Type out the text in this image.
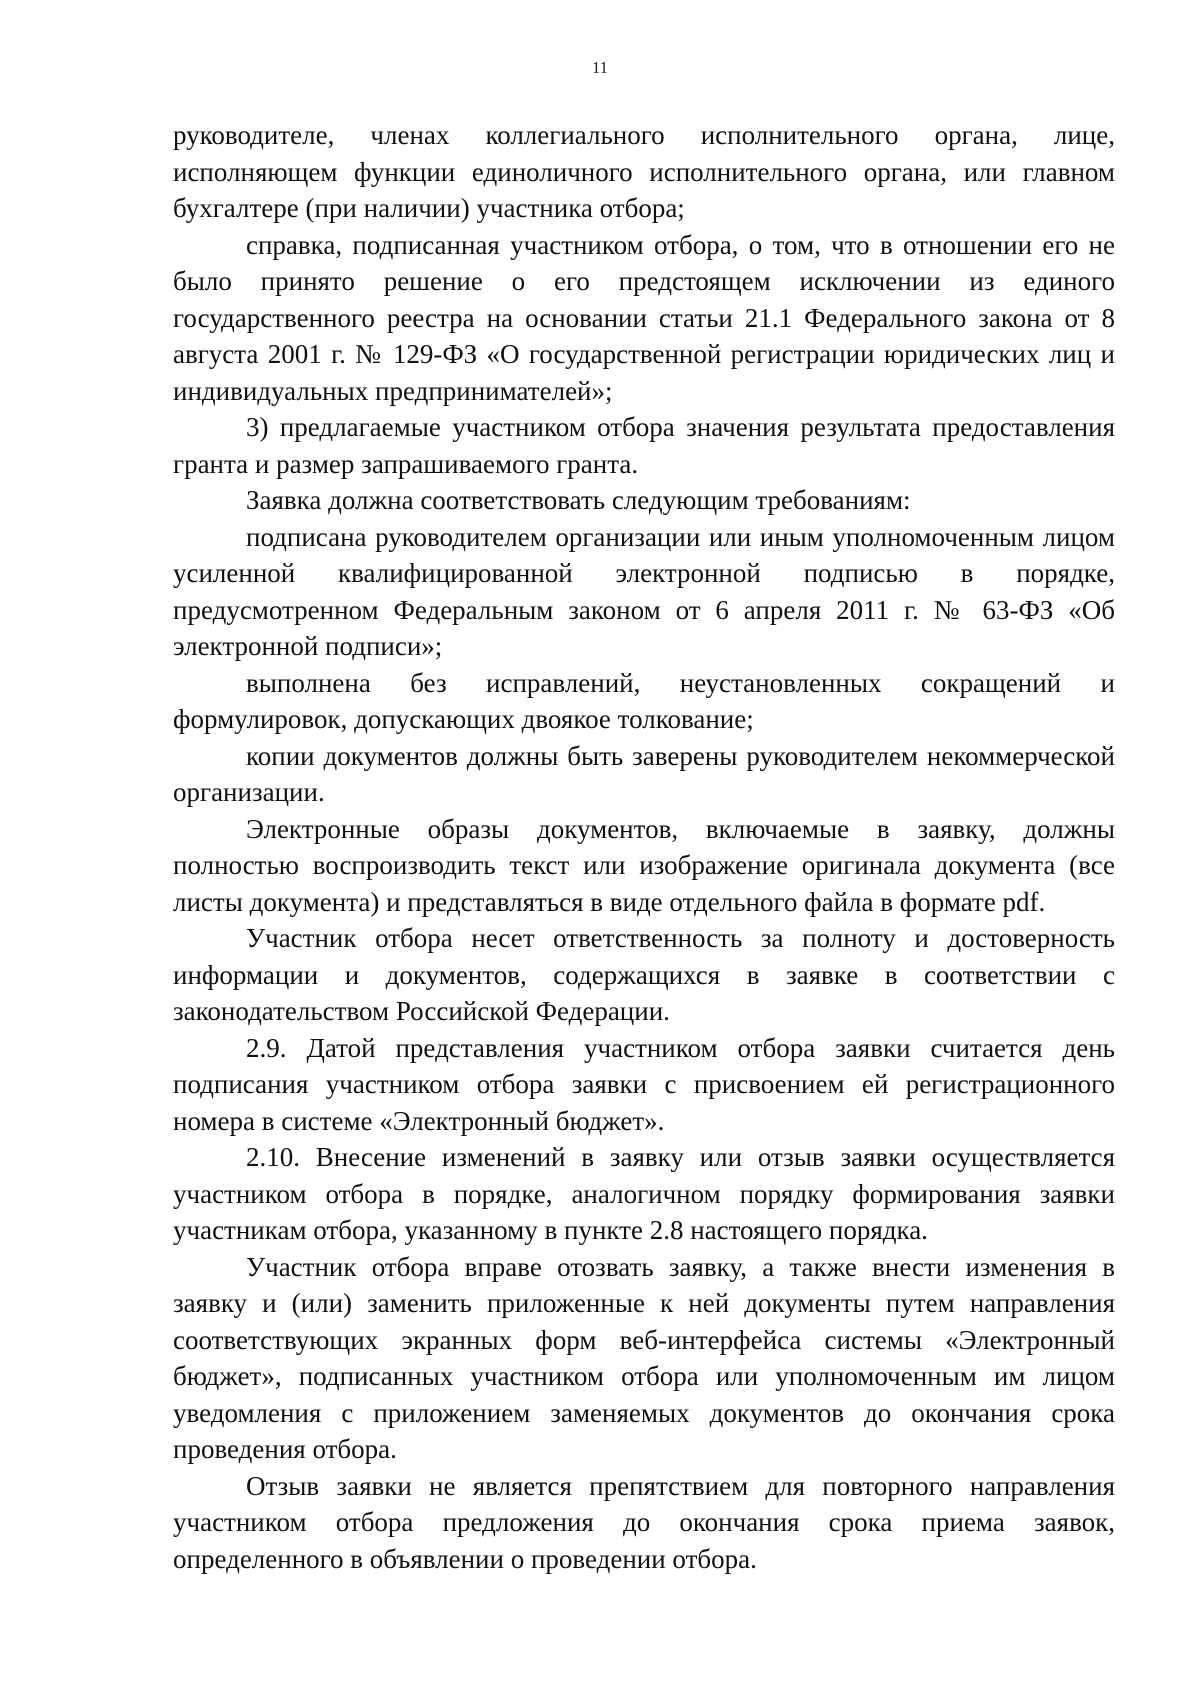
11

руководителе, членах коллегиального исполнительного органа, лице, исполняющем функции единоличного исполнительного органа, или главном бухгалтере (при наличии) участника отбора;

справка, подписанная участником отбора, о том, что в отношении его не было принято решение о его предстоящем исключении из единого государственного реестра на основании статьи 21.1 Федерального закона от 8 августа 2001 г. № 129-ФЗ «О государственной регистрации юридических лиц и индивидуальных предпринимателей»;

3) предлагаемые участником отбора значения результата предоставления гранта и размер запрашиваемого гранта.

Заявка должна соответствовать следующим требованиям:

подписана руководителем организации или иным уполномоченным лицом усиленной квалифицированной электронной подписью в порядке, предусмотренном Федеральным законом от 6 апреля 2011 г. № 63-ФЗ «Об электронной подписи»;

выполнена без исправлений, неустановленных сокращений и формулировок, допускающих двоякое толкование;

копии документов должны быть заверены руководителем некоммерческой организации.

Электронные образы документов, включаемые в заявку, должны полностью воспроизводить текст или изображение оригинала документа (все листы документа) и представляться в виде отдельного файла в формате pdf.

Участник отбора несет ответственность за полноту и достоверность информации и документов, содержащихся в заявке в соответствии с законодательством Российской Федерации.

2.9. Датой представления участником отбора заявки считается день подписания участником отбора заявки с присвоением ей регистрационного номера в системе «Электронный бюджет».

2.10. Внесение изменений в заявку или отзыв заявки осуществляется участником отбора в порядке, аналогичном порядку формирования заявки участникам отбора, указанному в пункте 2.8 настоящего порядка.

Участник отбора вправе отозвать заявку, а также внести изменения в заявку и (или) заменить приложенные к ней документы путем направления соответствующих экранных форм веб-интерфейса системы «Электронный бюджет», подписанных участником отбора или уполномоченным им лицом уведомления с приложением заменяемых документов до окончания срока проведения отбора.

Отзыв заявки не является препятствием для повторного направления участником отбора предложения до окончания срока приема заявок, определенного в объявлении о проведении отбора.
